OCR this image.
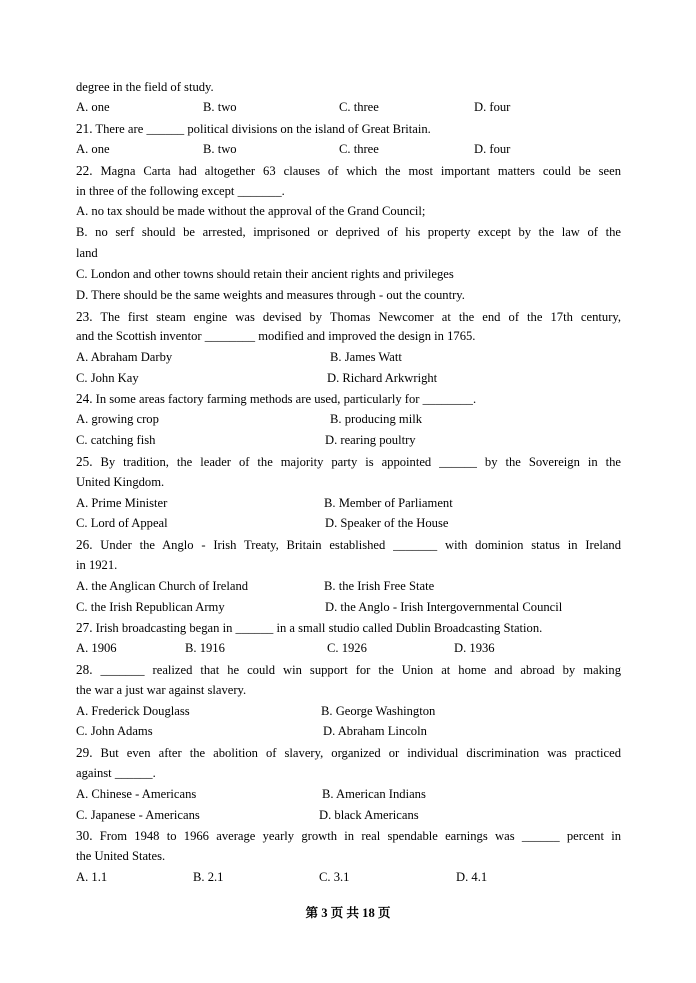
degree in the field of study.
A. one	B. two	C. three	D. four
21. There are ______ political divisions on the island of Great Britain.
A. one	B. two	C. three	D. four
22. Magna Carta had altogether 63 clauses of which the most important matters could be seen
in three of the following except _______.
A. no tax should be made without the approval of the Grand Council;
B. no serf should be arrested, imprisoned or deprived of his property except by the law of the
land
C. London and other towns should retain their ancient rights and privileges
D. There should be the same weights and measures through - out the country.
23. The first steam engine was devised by Thomas Newcomer at the end of the 17th century,
and the Scottish inventor ________ modified and improved the design in 1765.
A. Abraham Darby	B. James Watt
C. John Kay	D. Richard Arkwright
24. In some areas factory farming methods are used, particularly for ________.
A. growing crop	B. producing milk
C. catching fish	D. rearing poultry
25. By tradition, the leader of the majority party is appointed ______ by the Sovereign in the
United Kingdom.
A. Prime Minister	B. Member of Parliament
C. Lord of Appeal	D. Speaker of the House
26. Under the Anglo - Irish Treaty, Britain established _______ with dominion status in Ireland
in 1921.
A. the Anglican Church of Ireland	B. the Irish Free State
C. the Irish Republican Army	D. the Anglo - Irish Intergovernmental Council
27. Irish broadcasting began in ______ in a small studio called Dublin Broadcasting Station.
A. 1906	B. 1916	C. 1926	D. 1936
28. _______ realized that he could win support for the Union at home and abroad by making
the war a just war against slavery.
A. Frederick Douglass	B. George Washington
C. John Adams	D. Abraham Lincoln
29. But even after the abolition of slavery, organized or individual discrimination was practiced
against ______.
A. Chinese - Americans	B. American Indians
C. Japanese - Americans	D. black Americans
30. From 1948 to 1966 average yearly growth in real spendable earnings was ______ percent in
the United States.
A. 1.1	B. 2.1	C. 3.1	D. 4.1
第 3 页 共 18 页
